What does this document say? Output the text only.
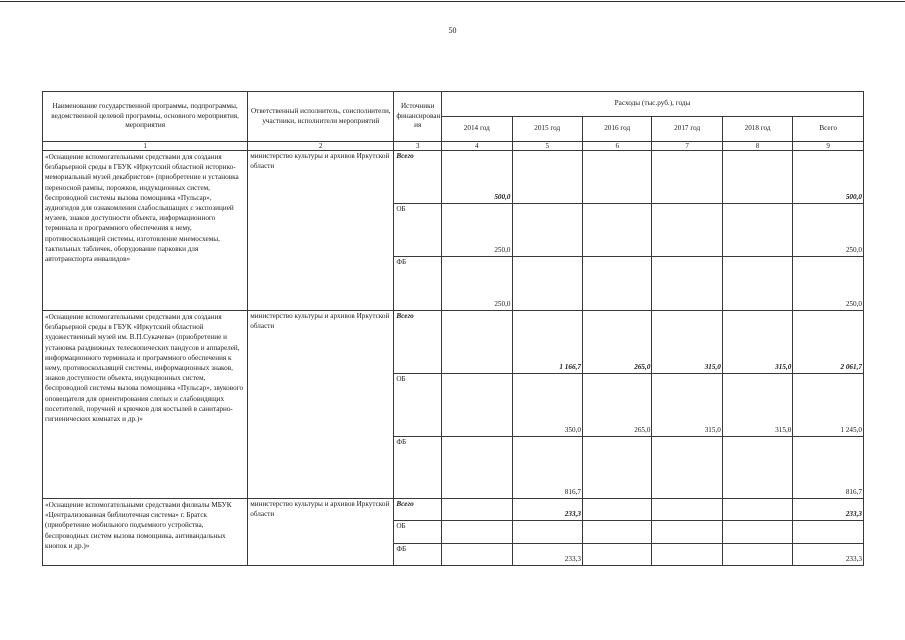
50
Наименование государственной программы, подпрограммы, ведомственной целевой программы, основного мероприятия, мероприятия	Ответственный исполнитель, соисполнители, участники, исполнители мероприятий	Источники финансирован ия	Расходы (тыс.руб.), годы					
			2014 год	2015 год	2016 год	2017 год	2018 год	Всего
1	2	3	4	5	6	7	8	9
«Оснащение вспомогательными средствами для создания безбарьерной среды в ГБУК «Иркутский областной историко-мемориальный музей декабристов» (приобретение и установка переносной рампы, порожков, индукционных систем, беспроводной системы вызова помощника «Пульсар», аудиогидов для ознакомления слабослышащих с экспозицией музеев, знаков доступности объекта, информационного терминала и программного обеспечения к нему, противоскользящей системы, изготовление мнемосхемы, тактильных табличек, оборудование парковки для автотранспорта инвалидов»	министерство культуры и архивов Иркутской области	Всего	500,0					500,0
		ОБ	250,0					250,0
		ФБ	250,0					250,0
«Оснащение вспомогательными средствами для создания безбарьерной среды в ГБУК «Иркутский областной художественный музей им. В.П.Сукачева» (приобретение и установка раздвижных телескопических пандусов и аппарелей, информационного терминала и программного обеспечения к нему, противоскользящей системы, информационных знаков, знаков доступности объекта, индукционных систем, беспроводной системы вызова помощника «Пульсар», звукового оповещателя для ориентирования слепых и слабовидящих посетителей, поручней и крючков для костылей в санитарно-гигиенических комнатах и др.)»	министерство культуры и архивов Иркутской области	Всего		1 166,7	265,0	315,0	315,0	2 061,7
		ОБ		350,0	265,0	315,0	315,0	1 245,0
		ФБ		816,7				816,7
«Оснащение вспомогательными средствами филиалы МБУК «Централизованная библиотечная система» г. Братск (приобретение мобильного подъемного устройства, беспроводных систем вызова помощника, антивандальных кнопок и др.)»	министерство культуры и архивов Иркутской области	Всего		233,3				233,3
		ОБ						
		ФБ		233,3				233,3
